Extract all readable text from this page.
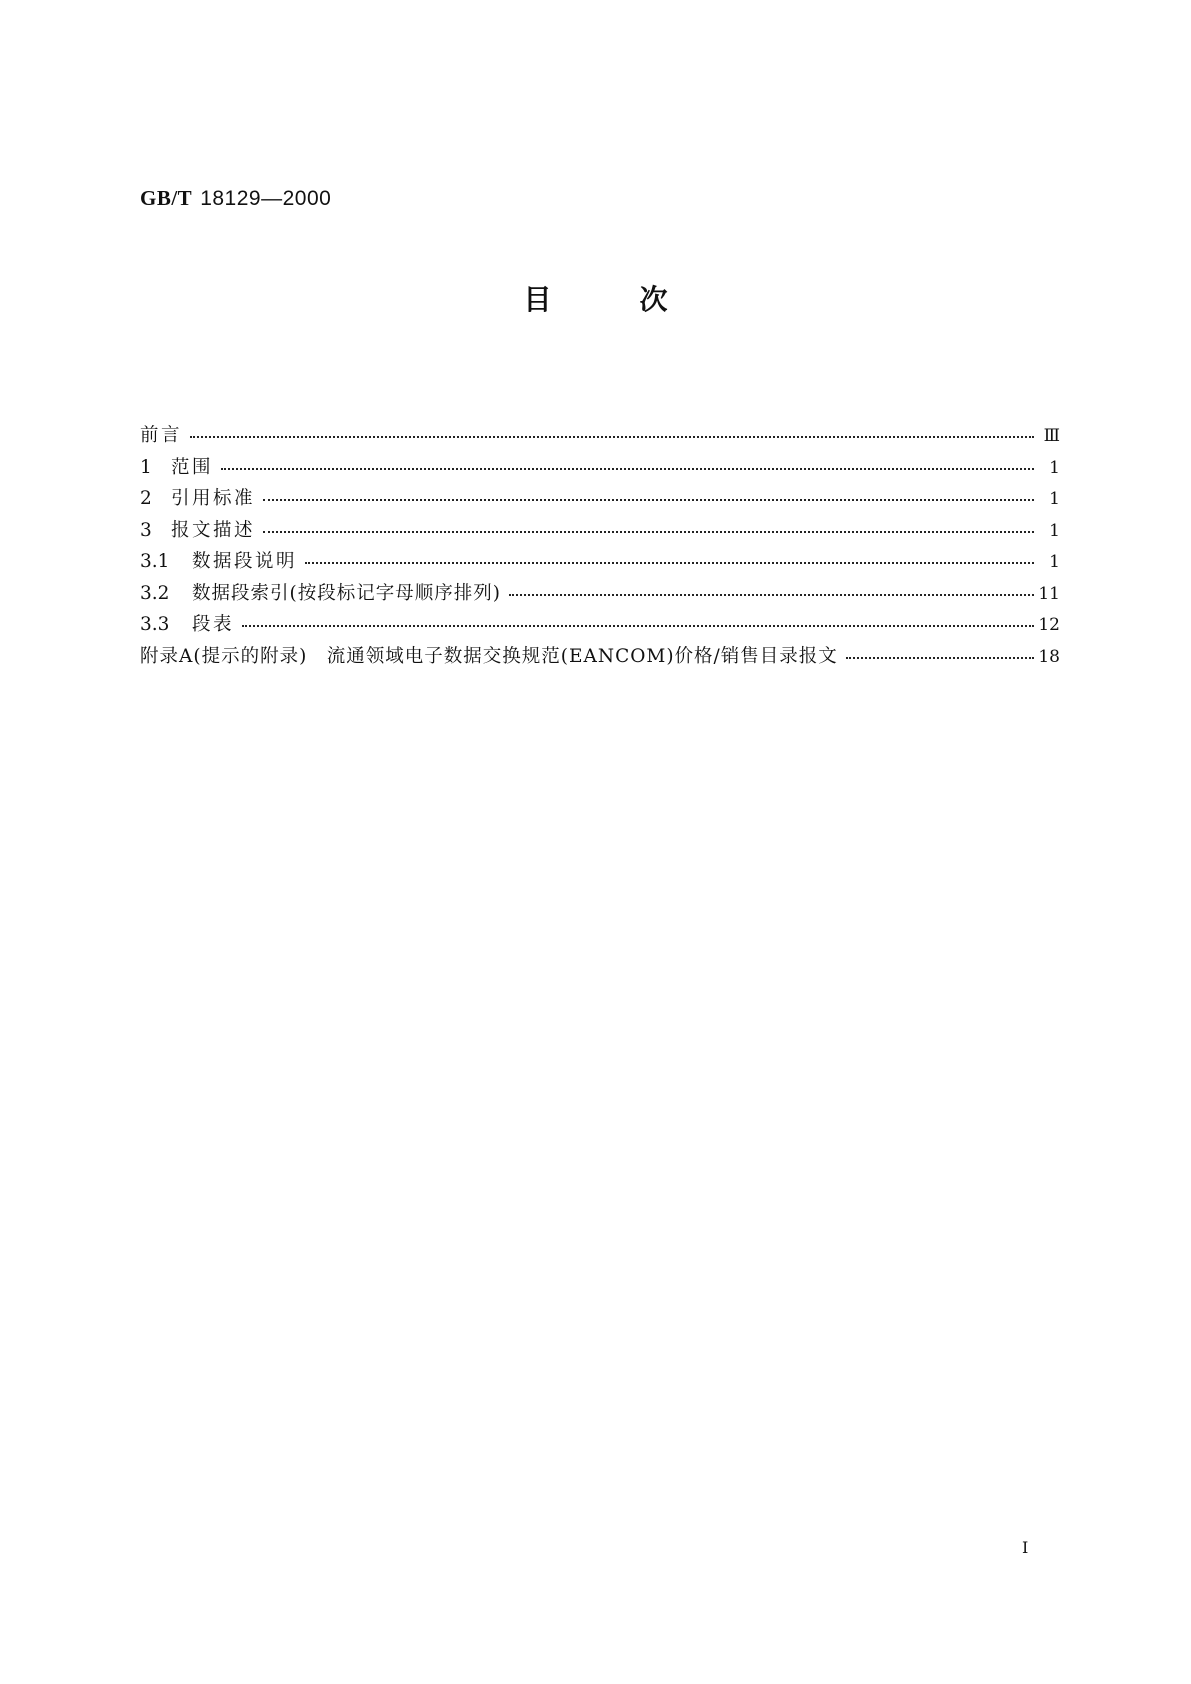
GB/T 18129—2000
目次
前言	Ⅲ
1	范围	1
2	引用标准	1
3	报文描述	1
3.1	数据段说明	1
3.2	数据段索引(按段标记字母顺序排列)	11
3.3	段表	12
附录A(提示的附录)　流通领域电子数据交换规范(EANCOM)价格/销售目录报文	18
I
